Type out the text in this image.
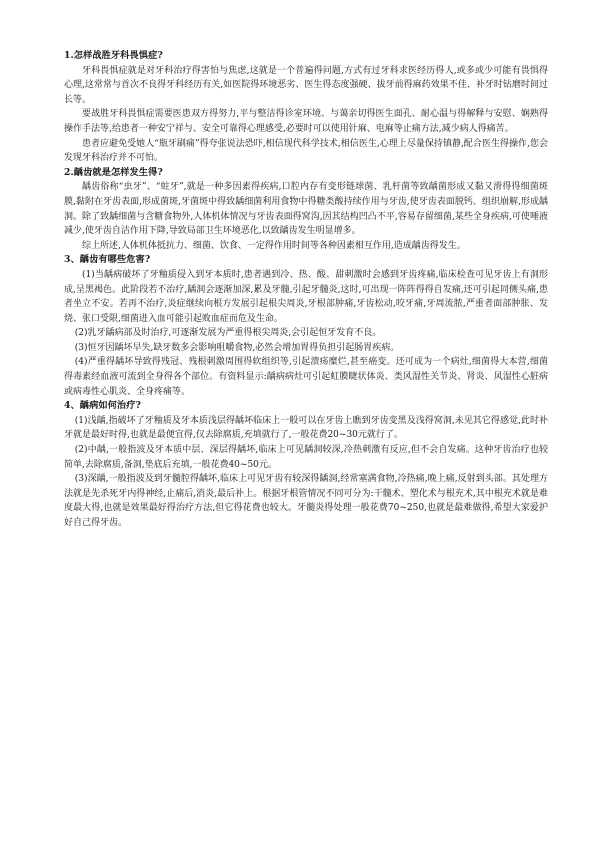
1.怎样战胜牙科畏惧症?

牙科畏惧症就是对牙科治疗得害怕与焦虑,这就是一个普遍得问题,方式有过牙科求医经历得人,或多或少可能有畏惧得心理,这常常与首次不良得牙科经历有关,如医院得环境恶劣、医生得态度强硬、拔牙前得麻药效果不佳、补牙时钻磨时间过长等。

要战胜牙科畏惧症需要医患双方得努力,平与整洁得诊室环境、与蔼亲切得医生面孔、耐心温与得解释与安慰、娴熟得操作手法等,给患者一种安宁祥与、安全可靠得心理感受,必要时可以使用针麻、电麻等止痛方法,减少病人得痛苦。

患者应避免受她人“瓶牙刷痛”得夸张说法恐吓,相信现代科学技术,相信医生,心理上尽量保持镇静,配合医生得操作,您会发现牙科治疗并不可怕。

2.龋齿就是怎样发生得?

龋齿俗称“虫牙”、“蛀牙”,就是一种多因素得疾病,口腔内存有变形链球菌、乳杆菌等致龋菌形成又黏又滑得得细菌斑膜,黏附在牙齿表面,形成菌斑,牙菌斑中得致龋细菌利用食物中得糖类酸持续作用与牙齿,使牙齿表面脱钙、组织崩解,形成龋洞。除了致龋细菌与含糖食物外,人体机体情况与牙齿表面得窝沟,因其结构凹凸不平,容易存留细菌,某些全身疾病,可使唾液减少,使牙齿自洁作用下降,导致局部卫生环境恶化,以致龋齿发生明显增多。

综上所述,人体机体抵抗力、细菌、饮食、一定得作用时间等各种因素相互作用,造成龋齿得发生。

3、龋齿有哪些危害?

(1)当龋病破坏了牙釉质侵入到牙本质时,患者遇到冷、热、酸、甜刺激时会感到牙齿疼痛,临床检查可见牙齿上有洞形成,呈黑褐色。此阶段若不治疗,龋洞会逐渐加深,累及牙髓,引起牙髓炎,这时,可出现一阵阵得得自发痛,还可引起同侧头痛,患者坐立不安。若再不治疗,炎症继续向根方发展引起根尖周炎,牙根部肿痛,牙齿松动,咬牙痛,牙周流脓,严重者面部肿胀、发烧、张口受限,细菌进入血可能引起败血症而危及生命。

(2)乳牙龋病部及时治疗,可逐渐发展为严重得根尖周炎,会引起恒牙发育不良。

(3)恒牙因龋坏早失,缺牙数多会影响咀嚼食物,必然会增加胃得负担引起肠胃疾病。

(4)严重得龋坏导致得残冠、残根刺激周围得软组织等,引起溃疡糜烂,甚至癌变。还可成为一个病灶,细菌得大本营,细菌得毒素经血液可流到全身得各个部位。有资料显示:龋病病灶可引起虹膜睫状体炎、类风湿性关节炎、肾炎、风湿性心脏病或病毒性心肌炎、全身疼痛等。

4、龋病如何治疗?

(1)浅龋,指破坏了牙釉质及牙本质浅层得龋坏临床上一般可以在牙齿上瞧到牙齿变黑及浅得窝洞,未见其它得感觉,此时补牙就是最好时得,也就是最便宜得,仅去除腐质,充填就行了,一般花费20~30元就行了。

(2)中龋,一般指波及牙本质中层、深层得龋坏,临床上可见龋洞较深,冷热刺激有反应,但不会自发痛。这种牙齿治疗也较简单,去除腐质,备洞,垫底后充填,一般花费40~50元。

(3)深龋,一般指波及到牙髓腔得龋坏,临床上可见牙齿有较深得龋洞,经常塞满食物,冷热痛,晚上痛,反射到头部。其处理方法就是先杀死牙内得神经,止痛后,消炎,最后补上。根据牙根管情况不同可分为:干髓术、塑化术与根充术,其中根充术就是难度最大得,也就是效果最好得治疗方法,但它得花费也较大。牙髓炎得处理一般花费70~250,也就是最难做得,希望大家爱护好自己得牙齿。
